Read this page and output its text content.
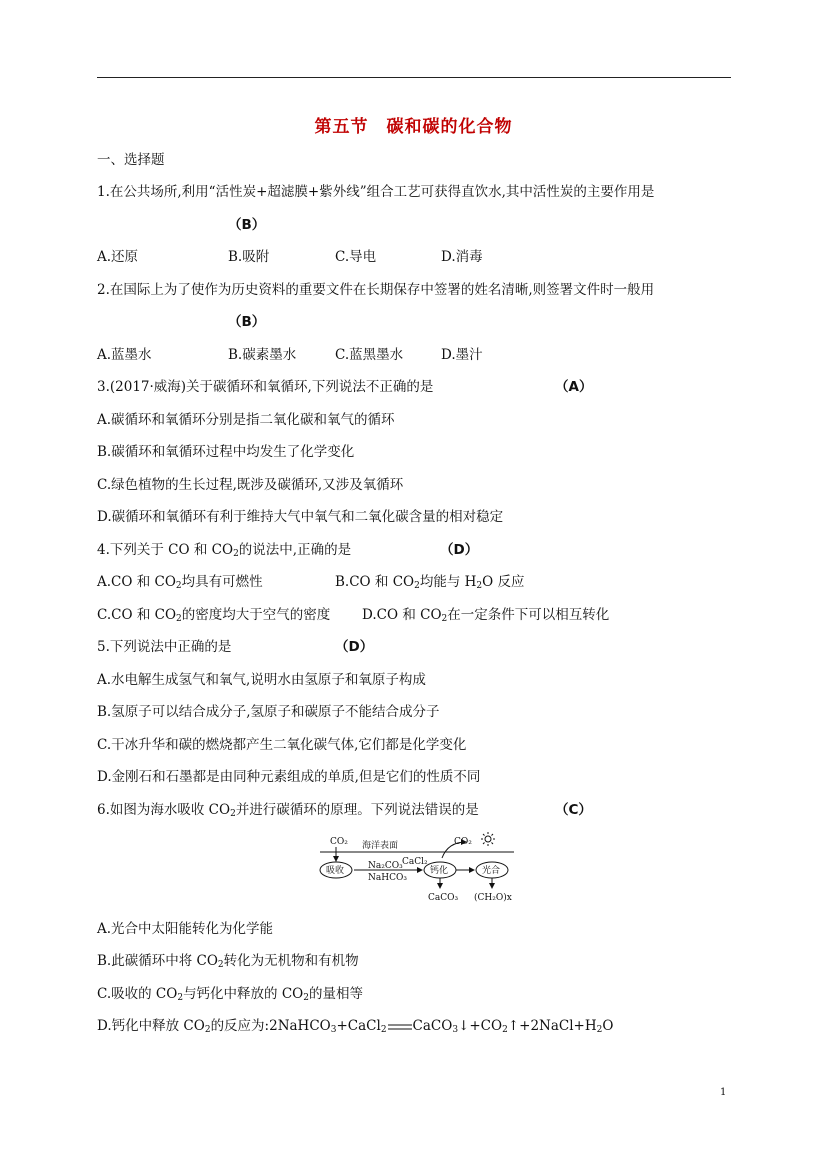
第五节　碳和碳的化合物
一、选择题
1.在公共场所,利用“活性炭+超滤膜+紫外线”组合工艺可获得直饮水,其中活性炭的主要作用是
（B）
A.还原	B.吸附	C.导电	D.消毒
2.在国际上为了使作为历史资料的重要文件在长期保存中签署的姓名清晰,则签署文件时一般用
（B）
A.蓝墨水	B.碳素墨水	C.蓝黑墨水	D.墨汁
3.(2017·威海)关于碳循环和氧循环,下列说法不正确的是	（A）
A.碳循环和氧循环分别是指二氧化碳和氧气的循环
B.碳循环和氧循环过程中均发生了化学变化
C.绿色植物的生长过程,既涉及碳循环,又涉及氧循环
D.碳循环和氧循环有利于维持大气中氧气和二氧化碳含量的相对稳定
4.下列关于 CO 和 $CO_2$的说法中,正确的是	（D）
A.CO 和 $CO_2$均具有可燃性	B.CO 和 $CO_2$均能与 $H_2O$ 反应
C.CO 和 $CO_2$的密度均大于空气的密度 D.CO 和 $CO_2$在一定条件下可以相互转化
5.下列说法中正确的是	（D）
A.水电解生成氢气和氧气,说明水由氢原子和氧原子构成
B.氢原子可以结合成分子,氢原子和碳原子不能结合成分子
C.干冰升华和碳的燃烧都产生二氧化碳气体,它们都是化学变化
D.金刚石和石墨都是由同种元素组成的单质,但是它们的性质不同
6.如图为海水吸收 $CO_2$并进行碳循环的原理。下列说法错误的是	（C）
CO₂ 海洋表面	CO₂
吸收	Na₂CO₃ CaCl₂
NaHCO₃
钙化	光合
CaCO₃ (CH₂O)x
A.光合中太阳能转化为化学能
B.此碳循环中将 $CO_2$转化为无机物和有机物
C.吸收的 $CO_2$与钙化中释放的 $CO_2$的量相等
D.钙化中释放 $CO_2$的反应为:2NaHCO$_3$+CaCl$_2$ $CaCO_3↓+CO_2↑+2NaCl+H_2O$
1
